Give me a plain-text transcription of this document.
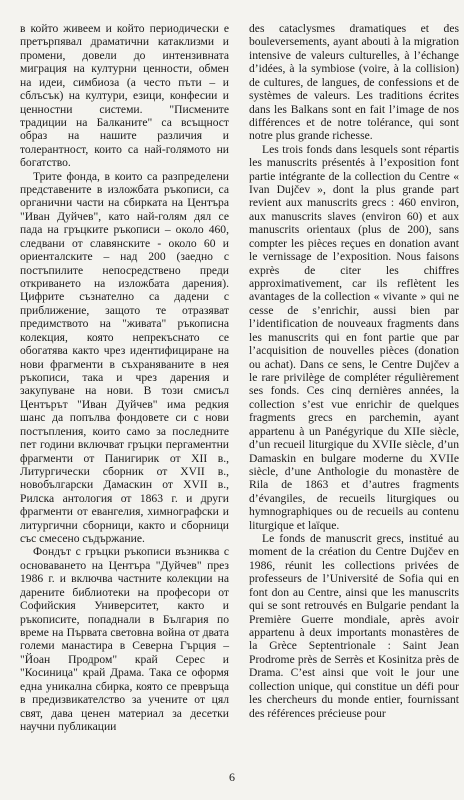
в който живеем и който периодически е претърпявал драматични катаклизми и промени, довели до интензивната миграция на културни ценности, обмен на идеи, симбиоза (а често пъти – и сблъсък) на култури, езици, конфесии и ценностни системи. "Писмените традиции на Балканите" са всъщност образ на нашите различия и толерантност, които са най-голямото ни богатство.

Трите фонда, в които са разпределени представените в изложбата ръкописи, са органични части на сбирката на Центъра "Иван Дуйчев", като най-голям дял се пада на гръцките ръкописи – около 460, следвани от славянските - около 60 и ориенталските – над 200 (заедно с постъпилите непосредствено преди откриването на изложбата дарения). Цифрите съзнателно са дадени с приближение, защото те отразяват предимството на "живата" ръкописна колекция, която непрекъснато се обогатява както чрез идентифициране на нови фрагменти в съхраняваните в нея ръкописи, така и чрез дарения и закупуване на нови. В този смисъл Центърът "Иван Дуйчев" има редкия шанс да попълва фондовете си с нови постъпления, които само за последните пет години включват гръцки пергаментни фрагменти от Панигирик от XII в., Литургически сборник от XVII в., новобългарски Дамаскин от XVII в., Рилска антология от 1863 г. и други фрагменти от евангелия, химнографски и литургични сборници, както и сборници със смесено съдържание.

Фондът с гръцки ръкописи възниква с основаването на Центъра "Дуйчев" през 1986 г. и включва частните колекции на дарените библиотеки на професори от Софийския Университет, както и ръкописите, попаднали в България по време на Първата световна война от двата големи манастира в Северна Гърция – "Йоан Продром" край Серес и "Косиница" край Драма. Така се оформя една уникална сбирка, която се превръща в предизвикателство за учените от цял свят, дава ценен материал за десетки научни публикации

des cataclysmes dramatiques et des bouleversements, ayant abouti à la migration intensive de valeurs culturelles, à l’échange d’idées, à la symbiose (voire, à la collision) de cultures, de langues, de confessions et de systèmes de valeurs. Les traditions écrites dans les Balkans sont en fait l’image de nos différences et de notre tolérance, qui sont notre plus grande richesse.

Les trois fonds dans lesquels sont répartis les manuscrits présentés à l’exposition font partie intégrante de la collection du Centre « Ivan Dujčev », dont la plus grande part revient aux manuscrits grecs : 460 environ, aux manuscrits slaves (environ 60) et aux manuscrits orientaux (plus de 200), sans compter les pièces reçues en donation avant le vernissage de l’exposition. Nous faisons exprès de citer les chiffres approximativement, car ils reflètent les avantages de la collection « vivante » qui ne cesse de s’enrichir, aussi bien par l’identification de nouveaux fragments dans les manuscrits qui en font partie que par l’acquisition de nouvelles pièces (donation ou achat). Dans ce sens, le Centre Dujčev a le rare privilège de compléter régulièrement ses fonds. Ces cinq dernières années, la collection s’est vue enrichir de quelques fragments grecs en parchemin, ayant appartenu à un Panégyrique du XIIe siècle, d’un recueil liturgique du XVIIe siècle, d’un Damaskin en bulgare moderne du XVIIe siècle, d’une Anthologie du monastère de Rila de 1863 et d’autres fragments d’évangiles, de recueils liturgiques ou hymnographiques ou de recueils au contenu liturgique et laïque.

Le fonds de manuscrit grecs, institué au moment de la création du Centre Dujčev en 1986, réunit les collections privées de professeurs de l’Université de Sofia qui en font don au Centre, ainsi que les manuscrits qui se sont retrouvés en Bulgarie pendant la Première Guerre mondiale, après avoir appartenu à deux importants monastères de la Grèce Septentrionale : Saint Jean Prodrome près de Serrès et Kosinitza près de Drama. C’est ainsi que voit le jour une collection unique, qui constitue un défi pour les chercheurs du monde entier, fournissant des références précieuse pour

6
